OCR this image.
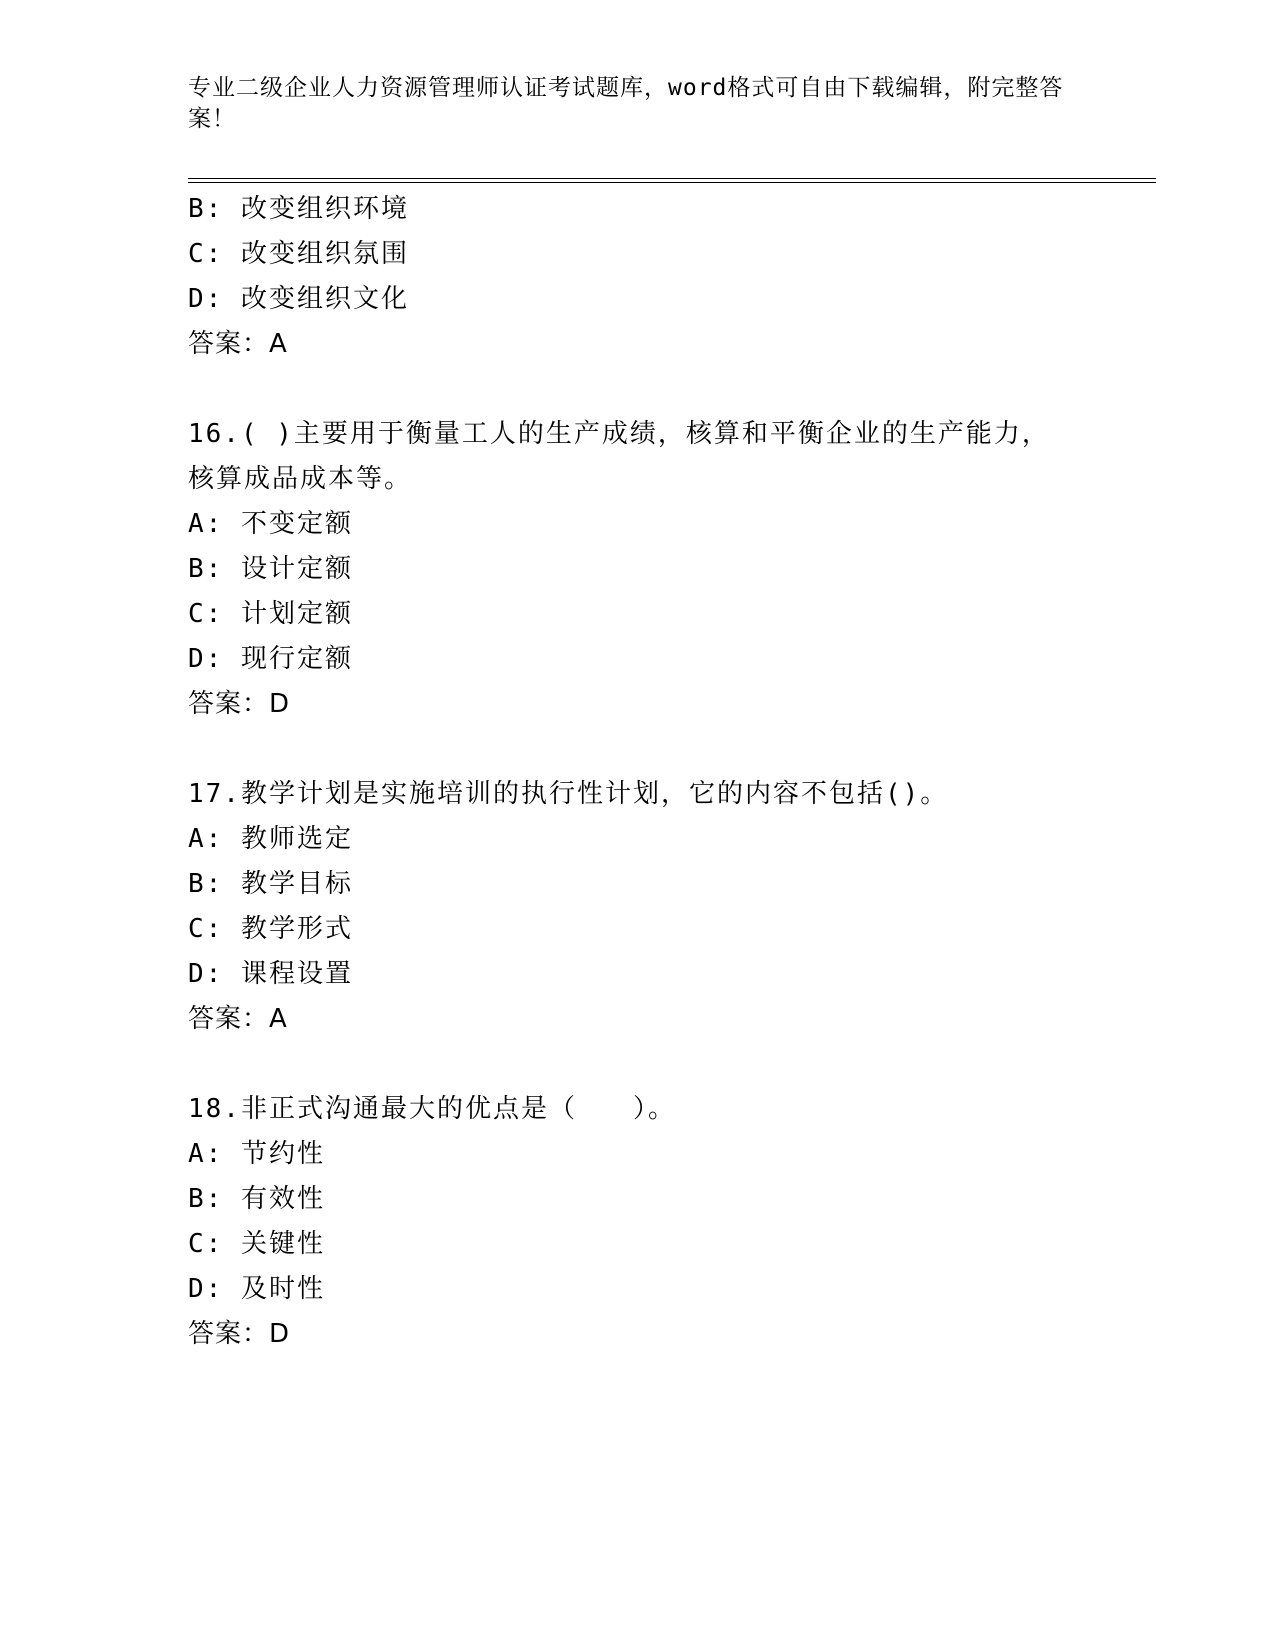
专业二级企业人力资源管理师认证考试题库，word格式可自由下载编辑，附完整答案！
B: 改变组织环境
C: 改变组织氛围
D: 改变组织文化
答案：A
16.( )主要用于衡量工人的生产成绩，核算和平衡企业的生产能力，
核算成品成本等。
A: 不变定额
B: 设计定额
C: 计划定额
D: 现行定额
答案：D
17.教学计划是实施培训的执行性计划，它的内容不包括()。
A: 教师选定
B: 教学目标
C: 教学形式
D: 课程设置
答案：A
18.非正式沟通最大的优点是（　　）。
A: 节约性
B: 有效性
C: 关键性
D: 及时性
答案：D
